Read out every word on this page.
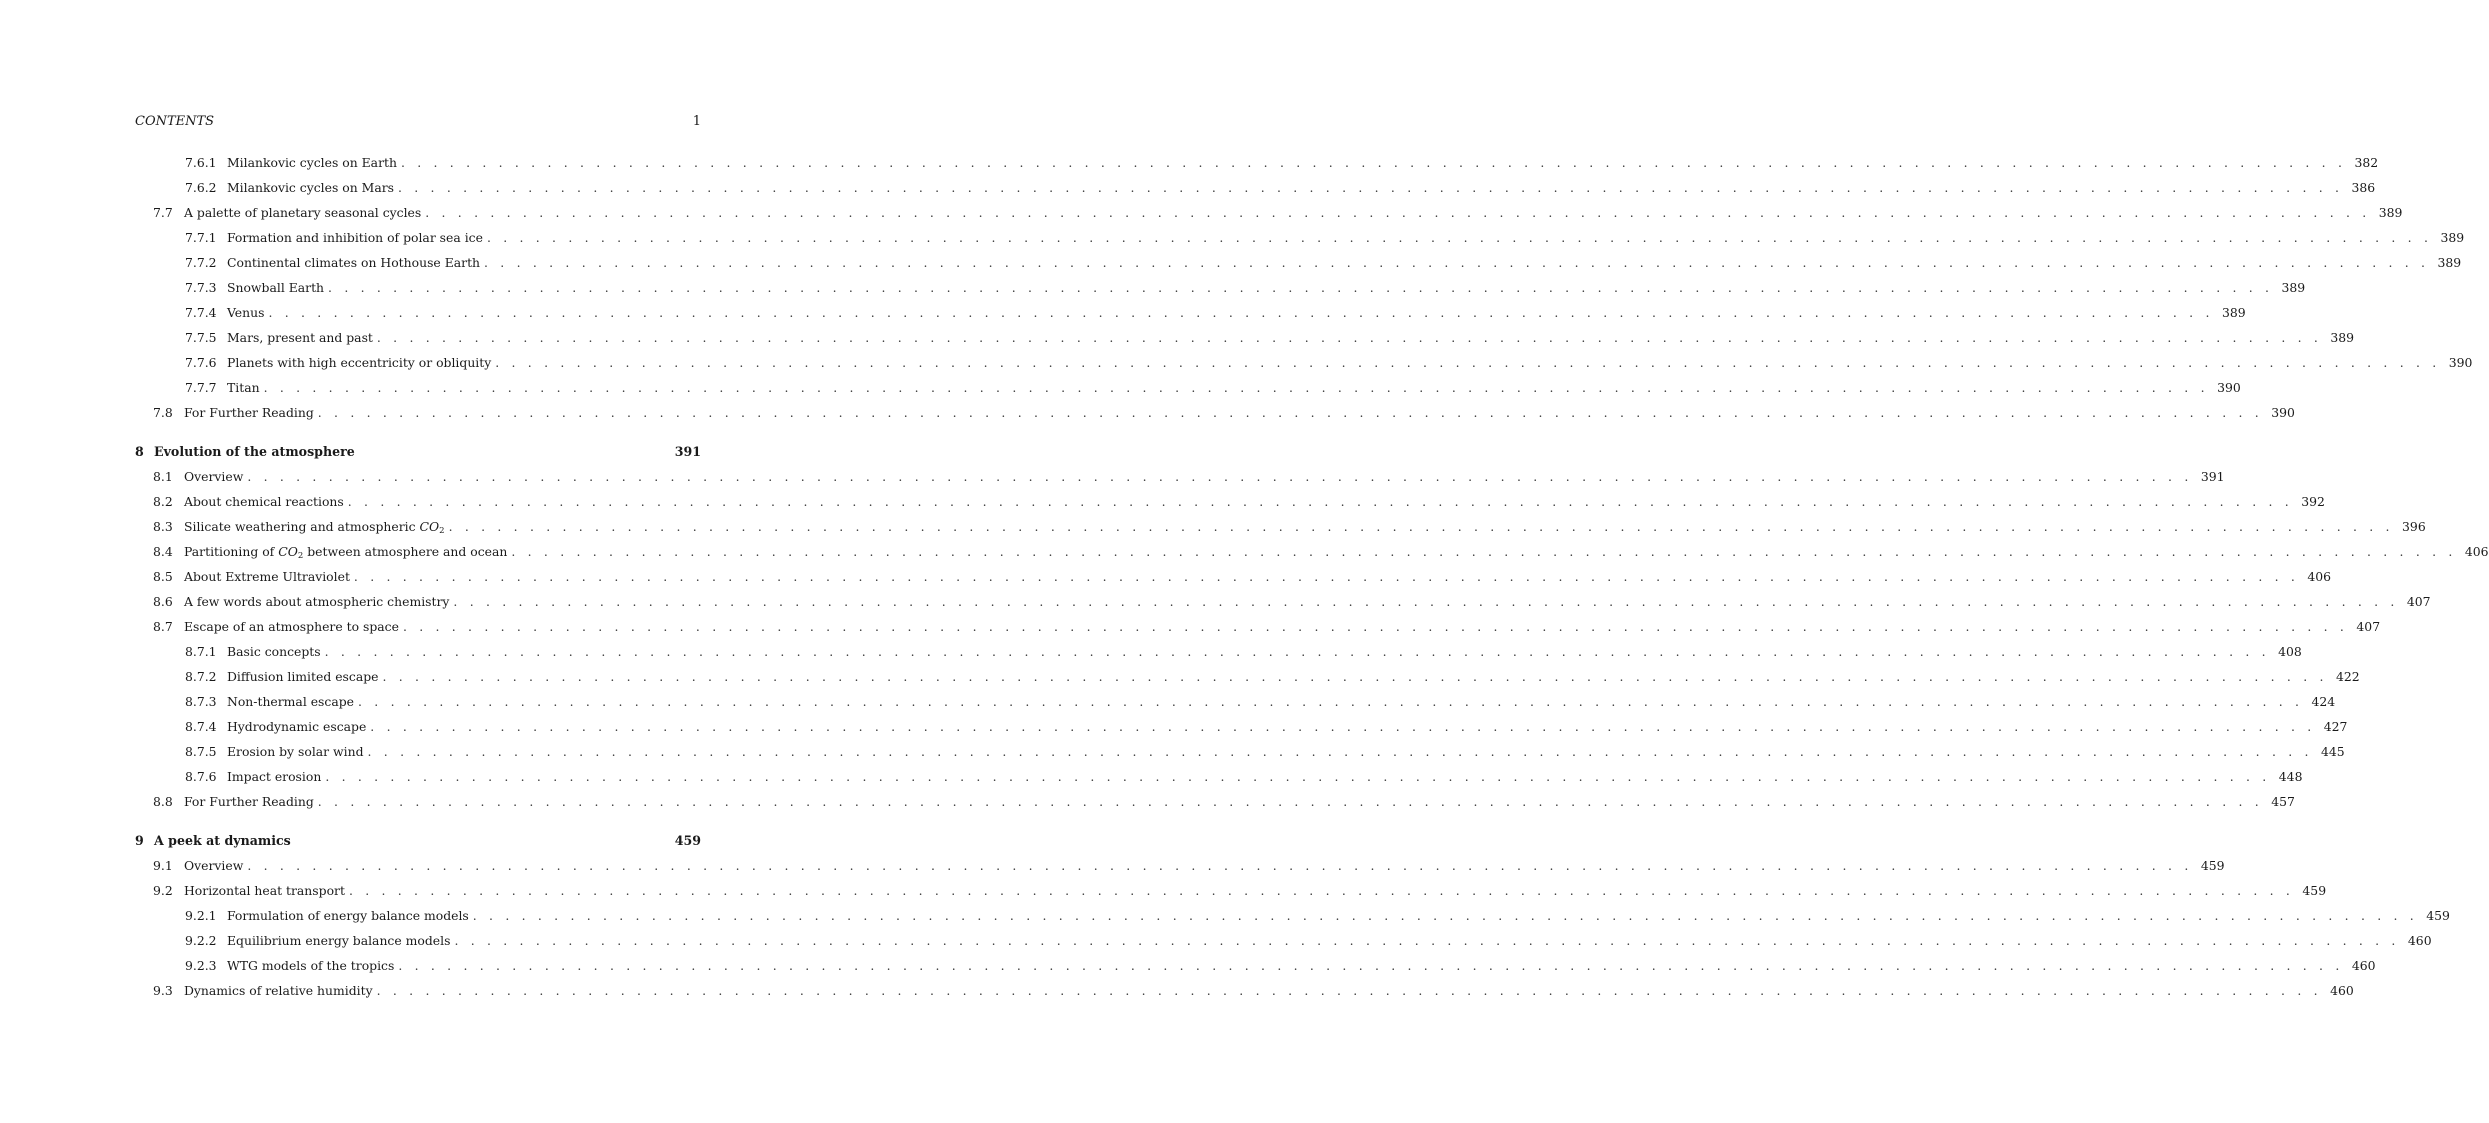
CONTENTS	1
7.6.1 Milankovic cycles on Earth . . . . . . . . . . . . . . . . . . . . . . . . . . . . . . . . . . . . . . . . . . . . . . . . . . . . . . . . . . . . . . . . . . . . . . . . . . . . . . . . . . . . . . . . . . . . . . . . . . . . . . . . . . . . . . . . . . . . . . . . 382
7.6.2 Milankovic cycles on Mars . . . . . . . . . . . . . . . . . . . . . . . . . . . . . . . . . . . . . . . . . . . . . . . . . . . . . . . . . . . . . . . . . . . . . . . . . . . . . . . . . . . . . . . . . . . . . . . . . . . . . . . . . . . . . . . . . . . . . . . . 386
7.7 A palette of planetary seasonal cycles . . . . . . . . . . . . . . . . . . . . . . . . . . . . . . . . . . . . . . . . . . . . . . . . . . . . . . . . . . . . . . . . . . . . . . . . . . . . . . . . . . . . . . . . . . . . . . . . . . . . . . . . . . . . . . . . . . . . . . . . 389
7.7.1 Formation and inhibition of polar sea ice . . . . . . . . . . . . . . . . . . . . . . . . . . . . . . . . . . . . . . . . . . . . . . . . . . . . . . . . . . . . . . . . . . . . . . . . . . . . . . . . . . . . . . . . . . . . . . . . . . . . . . . . . . . . . . . . . . . . . . . . 389
7.7.2 Continental climates on Hothouse Earth . . . . . . . . . . . . . . . . . . . . . . . . . . . . . . . . . . . . . . . . . . . . . . . . . . . . . . . . . . . . . . . . . . . . . . . . . . . . . . . . . . . . . . . . . . . . . . . . . . . . . . . . . . . . . . . . . . . . . . . . 389
7.7.3 Snowball Earth . . . . . . . . . . . . . . . . . . . . . . . . . . . . . . . . . . . . . . . . . . . . . . . . . . . . . . . . . . . . . . . . . . . . . . . . . . . . . . . . . . . . . . . . . . . . . . . . . . . . . . . . . . . . . . . . . . . . . . . . 389
7.7.4 Venus . . . . . . . . . . . . . . . . . . . . . . . . . . . . . . . . . . . . . . . . . . . . . . . . . . . . . . . . . . . . . . . . . . . . . . . . . . . . . . . . . . . . . . . . . . . . . . . . . . . . . . . . . . . . . . . . . . . . . . . . 389
7.7.5 Mars, present and past . . . . . . . . . . . . . . . . . . . . . . . . . . . . . . . . . . . . . . . . . . . . . . . . . . . . . . . . . . . . . . . . . . . . . . . . . . . . . . . . . . . . . . . . . . . . . . . . . . . . . . . . . . . . . . . . . . . . . . . . 389
7.7.6 Planets with high eccentricity or obliquity . . . . . . . . . . . . . . . . . . . . . . . . . . . . . . . . . . . . . . . . . . . . . . . . . . . . . . . . . . . . . . . . . . . . . . . . . . . . . . . . . . . . . . . . . . . . . . . . . . . . . . . . . . . . . . . . . . . . . . . . 390
7.7.7 Titan . . . . . . . . . . . . . . . . . . . . . . . . . . . . . . . . . . . . . . . . . . . . . . . . . . . . . . . . . . . . . . . . . . . . . . . . . . . . . . . . . . . . . . . . . . . . . . . . . . . . . . . . . . . . . . . . . . . . . . . . 390
7.8 For Further Reading . . . . . . . . . . . . . . . . . . . . . . . . . . . . . . . . . . . . . . . . . . . . . . . . . . . . . . . . . . . . . . . . . . . . . . . . . . . . . . . . . . . . . . . . . . . . . . . . . . . . . . . . . . . . . . . . . . . . . . . . 390
8 Evolution of the atmosphere	391
8.1 Overview . . . . . . . . . . . . . . . . . . . . . . . . . . . . . . . . . . . . . . . . . . . . . . . . . . . . . . . . . . . . . . . . . . . . . . . . . . . . . . . . . . . . . . . . . . . . . . . . . . . . . . . . . . . . . . . . . . . . . . . . 391
8.2 About chemical reactions . . . . . . . . . . . . . . . . . . . . . . . . . . . . . . . . . . . . . . . . . . . . . . . . . . . . . . . . . . . . . . . . . . . . . . . . . . . . . . . . . . . . . . . . . . . . . . . . . . . . . . . . . . . . . . . . . . . . . . . . 392
8.3 Silicate weathering and atmospheric $CO_2$ . . . . . . . . . . . . . . . . . . . . . . . . . . . . . . . . . . . . . . . . . . . . . . . . . . . . . . . . . . . . . . . . . . . . . . . . . . . . . . . . . . . . . . . . . . . . . . . . . . . . . . . . . . . . . . . . . . . . . . . . 396
8.4 Partitioning of $CO_2$ between atmosphere and ocean . . . . . . . . . . . . . . . . . . . . . . . . . . . . . . . . . . . . . . . . . . . . . . . . . . . . . . . . . . . . . . . . . . . . . . . . . . . . . . . . . . . . . . . . . . . . . . . . . . . . . . . . . . . . . . . . . . . . . . . . 406
8.5 About Extreme Ultraviolet . . . . . . . . . . . . . . . . . . . . . . . . . . . . . . . . . . . . . . . . . . . . . . . . . . . . . . . . . . . . . . . . . . . . . . . . . . . . . . . . . . . . . . . . . . . . . . . . . . . . . . . . . . . . . . . . . . . . . . . . 406
8.6 A few words about atmospheric chemistry . . . . . . . . . . . . . . . . . . . . . . . . . . . . . . . . . . . . . . . . . . . . . . . . . . . . . . . . . . . . . . . . . . . . . . . . . . . . . . . . . . . . . . . . . . . . . . . . . . . . . . . . . . . . . . . . . . . . . . . . 407
8.7 Escape of an atmosphere to space . . . . . . . . . . . . . . . . . . . . . . . . . . . . . . . . . . . . . . . . . . . . . . . . . . . . . . . . . . . . . . . . . . . . . . . . . . . . . . . . . . . . . . . . . . . . . . . . . . . . . . . . . . . . . . . . . . . . . . . . 407
8.7.1 Basic concepts . . . . . . . . . . . . . . . . . . . . . . . . . . . . . . . . . . . . . . . . . . . . . . . . . . . . . . . . . . . . . . . . . . . . . . . . . . . . . . . . . . . . . . . . . . . . . . . . . . . . . . . . . . . . . . . . . . . . . . . . 408
8.7.2 Diffusion limited escape . . . . . . . . . . . . . . . . . . . . . . . . . . . . . . . . . . . . . . . . . . . . . . . . . . . . . . . . . . . . . . . . . . . . . . . . . . . . . . . . . . . . . . . . . . . . . . . . . . . . . . . . . . . . . . . . . . . . . . . . 422
8.7.3 Non-thermal escape . . . . . . . . . . . . . . . . . . . . . . . . . . . . . . . . . . . . . . . . . . . . . . . . . . . . . . . . . . . . . . . . . . . . . . . . . . . . . . . . . . . . . . . . . . . . . . . . . . . . . . . . . . . . . . . . . . . . . . . . 424
8.7.4 Hydrodynamic escape . . . . . . . . . . . . . . . . . . . . . . . . . . . . . . . . . . . . . . . . . . . . . . . . . . . . . . . . . . . . . . . . . . . . . . . . . . . . . . . . . . . . . . . . . . . . . . . . . . . . . . . . . . . . . . . . . . . . . . . . 427
8.7.5 Erosion by solar wind . . . . . . . . . . . . . . . . . . . . . . . . . . . . . . . . . . . . . . . . . . . . . . . . . . . . . . . . . . . . . . . . . . . . . . . . . . . . . . . . . . . . . . . . . . . . . . . . . . . . . . . . . . . . . . . . . . . . . . . . 445
8.7.6 Impact erosion . . . . . . . . . . . . . . . . . . . . . . . . . . . . . . . . . . . . . . . . . . . . . . . . . . . . . . . . . . . . . . . . . . . . . . . . . . . . . . . . . . . . . . . . . . . . . . . . . . . . . . . . . . . . . . . . . . . . . . . . 448
8.8 For Further Reading . . . . . . . . . . . . . . . . . . . . . . . . . . . . . . . . . . . . . . . . . . . . . . . . . . . . . . . . . . . . . . . . . . . . . . . . . . . . . . . . . . . . . . . . . . . . . . . . . . . . . . . . . . . . . . . . . . . . . . . . 457
9 A peek at dynamics	459
9.1 Overview . . . . . . . . . . . . . . . . . . . . . . . . . . . . . . . . . . . . . . . . . . . . . . . . . . . . . . . . . . . . . . . . . . . . . . . . . . . . . . . . . . . . . . . . . . . . . . . . . . . . . . . . . . . . . . . . . . . . . . . . 459
9.2 Horizontal heat transport . . . . . . . . . . . . . . . . . . . . . . . . . . . . . . . . . . . . . . . . . . . . . . . . . . . . . . . . . . . . . . . . . . . . . . . . . . . . . . . . . . . . . . . . . . . . . . . . . . . . . . . . . . . . . . . . . . . . . . . . 459
9.2.1 Formulation of energy balance models . . . . . . . . . . . . . . . . . . . . . . . . . . . . . . . . . . . . . . . . . . . . . . . . . . . . . . . . . . . . . . . . . . . . . . . . . . . . . . . . . . . . . . . . . . . . . . . . . . . . . . . . . . . . . . . . . . . . . . . . 459
9.2.2 Equilibrium energy balance models . . . . . . . . . . . . . . . . . . . . . . . . . . . . . . . . . . . . . . . . . . . . . . . . . . . . . . . . . . . . . . . . . . . . . . . . . . . . . . . . . . . . . . . . . . . . . . . . . . . . . . . . . . . . . . . . . . . . . . . . 460
9.2.3 WTG models of the tropics . . . . . . . . . . . . . . . . . . . . . . . . . . . . . . . . . . . . . . . . . . . . . . . . . . . . . . . . . . . . . . . . . . . . . . . . . . . . . . . . . . . . . . . . . . . . . . . . . . . . . . . . . . . . . . . . . . . . . . . . 460
9.3 Dynamics of relative humidity . . . . . . . . . . . . . . . . . . . . . . . . . . . . . . . . . . . . . . . . . . . . . . . . . . . . . . . . . . . . . . . . . . . . . . . . . . . . . . . . . . . . . . . . . . . . . . . . . . . . . . . . . . . . . . . . . . . . . . . . 460
